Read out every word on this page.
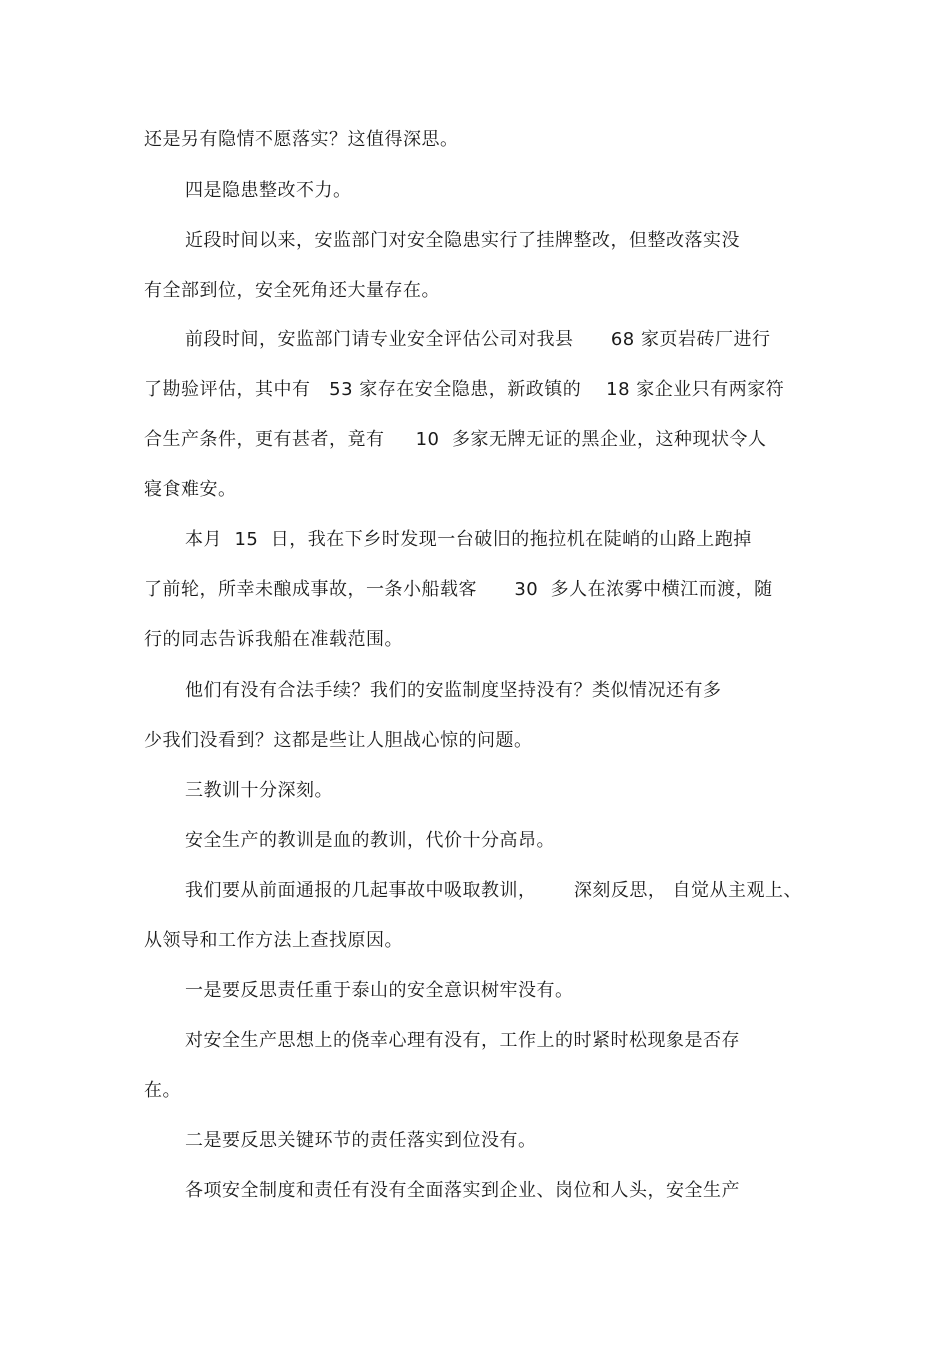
还是另有隐情不愿落实？这值得深思。

四是隐患整改不力。

近段时间以来，安监部门对安全隐患实行了挂牌整改，但整改落实没

有全部到位，安全死角还大量存在。

前段时间，安监部门请专业安全评估公司对我县      68 家页岩砖厂进行

了勘验评估，其中有   53 家存在安全隐患，新政镇的    18 家企业只有两家符

合生产条件，更有甚者，竟有     10  多家无牌无证的黑企业，这种现状令人

寝食难安。

本月  15  日，我在下乡时发现一台破旧的拖拉机在陡峭的山路上跑掉

了前轮，所幸未酿成事故，一条小船载客      30  多人在浓雾中横江而渡，随

行的同志告诉我船在准载范围。

他们有没有合法手续？我们的安监制度坚持没有？类似情况还有多

少我们没看到？这都是些让人胆战心惊的问题。

三教训十分深刻。

安全生产的教训是血的教训，代价十分高昂。

我们要从前面通报的几起事故中吸取教训，      深刻反思， 自觉从主观上、

从领导和工作方法上查找原因。

一是要反思责任重于泰山的安全意识树牢没有。

对安全生产思想上的侥幸心理有没有，工作上的时紧时松现象是否存

在。

二是要反思关键环节的责任落实到位没有。

各项安全制度和责任有没有全面落实到企业、岗位和人头，安全生产
